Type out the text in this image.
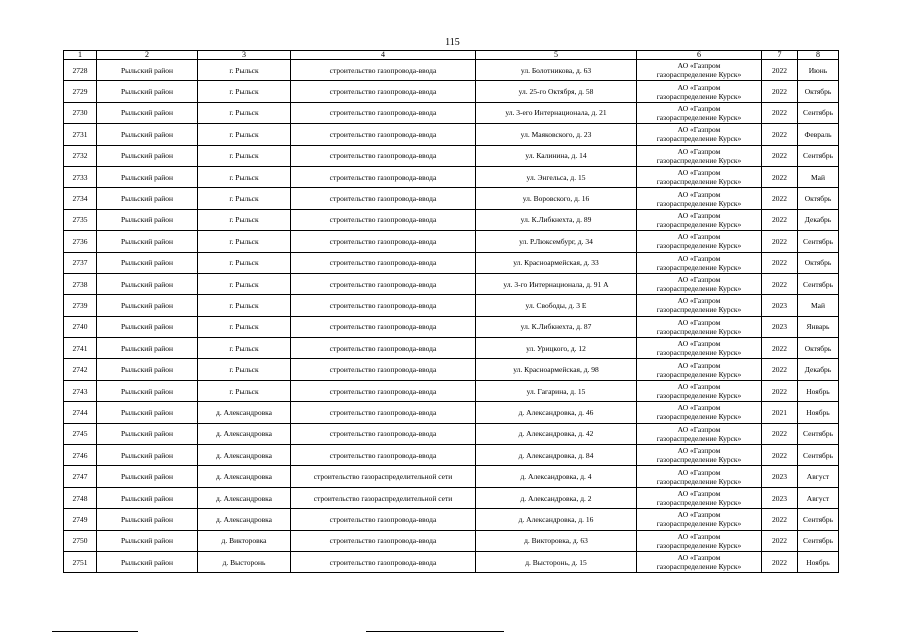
115
1	2	3	4	5	6	7	8
2728	Рыльский район	г. Рыльск	строительство газопровода-ввода	ул. Болотникова, д. 63	АО «Газпром
газораспределение Курск»	2022	Июнь
2729	Рыльский район	г. Рыльск	строительство газопровода-ввода	ул. 25-го Октября, д. 58	АО «Газпром
газораспределение Курск»	2022	Октябрь
2730	Рыльский район	г. Рыльск	строительство газопровода-ввода	ул. 3-его Интернационала, д. 21	АО «Газпром
газораспределение Курск»	2022	Сентябрь
2731	Рыльский район	г. Рыльск	строительство газопровода-ввода	ул. Маяковского, д. 23	АО «Газпром
газораспределение Курск»	2022	Февраль
2732	Рыльский район	г. Рыльск	строительство газопровода-ввода	ул. Калинина, д. 14	АО «Газпром
газораспределение Курск»	2022	Сентябрь
2733	Рыльский район	г. Рыльск	строительство газопровода-ввода	ул. Энгельса, д. 15	АО «Газпром
газораспределение Курск»	2022	Май
2734	Рыльский район	г. Рыльск	строительство газопровода-ввода	ул. Воровского, д. 16	АО «Газпром
газораспределение Курск»	2022	Октябрь
2735	Рыльский район	г. Рыльск	строительство газопровода-ввода	ул. К.Либкнехта, д. 89	АО «Газпром
газораспределение Курск»	2022	Декабрь
2736	Рыльский район	г. Рыльск	строительство газопровода-ввода	ул. Р.Люксембург, д. 34	АО «Газпром
газораспределение Курск»	2022	Сентябрь
2737	Рыльский район	г. Рыльск	строительство газопровода-ввода	ул. Красноармейская, д. 33	АО «Газпром
газораспределение Курск»	2022	Октябрь
2738	Рыльский район	г. Рыльск	строительство газопровода-ввода	ул. 3-го Интернационала, д. 91 А	АО «Газпром
газораспределение Курск»	2022	Сентябрь
2739	Рыльский район	г. Рыльск	строительство газопровода-ввода	ул. Свободы, д. 3 Е	АО «Газпром
газораспределение Курск»	2023	Май
2740	Рыльский район	г. Рыльск	строительство газопровода-ввода	ул. К.Либкнехта, д. 87	АО «Газпром
газораспределение Курск»	2023	Январь
2741	Рыльский район	г. Рыльск	строительство газопровода-ввода	ул. Урицкого, д. 12	АО «Газпром
газораспределение Курск»	2022	Октябрь
2742	Рыльский район	г. Рыльск	строительство газопровода-ввода	ул. Красноармейская, д. 98	АО «Газпром
газораспределение Курск»	2022	Декабрь
2743	Рыльский район	г. Рыльск	строительство газопровода-ввода	ул. Гагарина, д. 15	АО «Газпром
газораспределение Курск»	2022	Ноябрь
2744	Рыльский район	д. Александровка	строительство газопровода-ввода	д. Александровка, д. 46	АО «Газпром
газораспределение Курск»	2021	Ноябрь
2745	Рыльский район	д. Александровка	строительство газопровода-ввода	д. Александровка, д. 42	АО «Газпром
газораспределение Курск»	2022	Сентябрь
2746	Рыльский район	д. Александровка	строительство газопровода-ввода	д. Александровка, д. 84	АО «Газпром
газораспределение Курск»	2022	Сентябрь
2747	Рыльский район	д. Александровка	строительство газораспределительной сети	д. Александровка, д. 4	АО «Газпром
газораспределение Курск»	2023	Август
2748	Рыльский район	д. Александровка	строительство газораспределительной сети	д. Александровка, д. 2	АО «Газпром
газораспределение Курск»	2023	Август
2749	Рыльский район	д. Александровка	строительство газопровода-ввода	д. Александровка, д. 16	АО «Газпром
газораспределение Курск»	2022	Сентябрь
2750	Рыльский район	д. Викторовка	строительство газопровода-ввода	д. Викторовка, д. 63	АО «Газпром
газораспределение Курск»	2022	Сентябрь
2751	Рыльский район	д. Высторонь	строительство газопровода-ввода	д. Высторонь, д. 15	АО «Газпром
газораспределение Курск»	2022	Ноябрь
